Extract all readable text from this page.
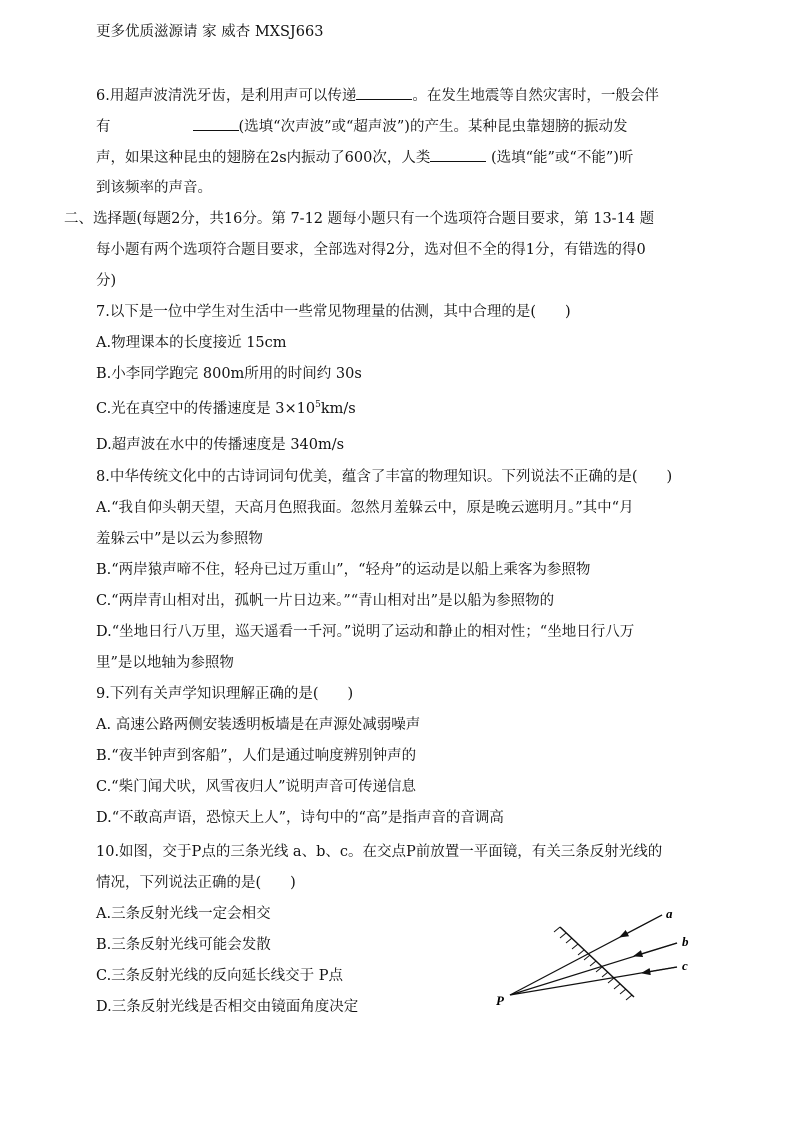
更多优质滋源请 家 威杏 MXSJ663
6.用超声波清洗牙齿，是利用声可以传递	。在发生地震等自然灾害时，一般会伴
有	(选填“次声波”或“超声波”)的产生。某种昆虫靠翅膀的振动发
声，如果这种昆虫的翅膀在2s内振动了600次，人类	(选填“能”或“不能”)听
到该频率的声音。
二、选择题(每题2分，共16分。第 7-12 题每小题只有一个选项符合题目要求，第 13-14 题
每小题有两个选项符合题目要求，全部选对得2分，选对但不全的得1分，有错选的得0
分)
7.以下是一位中学生对生活中一些常见物理量的估测，其中合理的是(　　)
A.物理课本的长度接近 15cm
B.小李同学跑完 800m所用的时间约 30s
C.光在真空中的传播速度是 $3\times 10^5km/s$
D.超声波在水中的传播速度是 340m/s
8.中华传统文化中的古诗词词句优美，蕴含了丰富的物理知识。下列说法不正确的是(　　)
A.“我自仰头朝天望，天高月色照我面。忽然月羞躲云中，原是晚云遮明月。”其中“月
羞躲云中”是以云为参照物
B.“两岸猿声啼不住，轻舟已过万重山”，“轻舟”的运动是以船上乘客为参照物
C.“两岸青山相对出，孤帆一片日边来。”“青山相对出”是以船为参照物的
D.“坐地日行八万里，巡天遥看一千河。”说明了运动和静止的相对性；“坐地日行八万
里”是以地轴为参照物
9.下列有关声学知识理解正确的是(　　)
A. 高速公路两侧安装透明板墙是在声源处减弱噪声
B.“夜半钟声到客船”，人们是通过响度辨别钟声的
C.“柴门闻犬吠，风雪夜归人”说明声音可传递信息
D.“不敢高声语，恐惊天上人”，诗句中的“高”是指声音的音调高
10.如图，交于P点的三条光线 a、b、c。在交点P前放置一平面镜，有关三条反射光线的
情况，下列说法正确的是(　　)
A.三条反射光线一定会相交
B.三条反射光线可能会发散
C.三条反射光线的反向延长线交于 P点
D.三条反射光线是否相交由镜面角度决定
a
b
c
P
